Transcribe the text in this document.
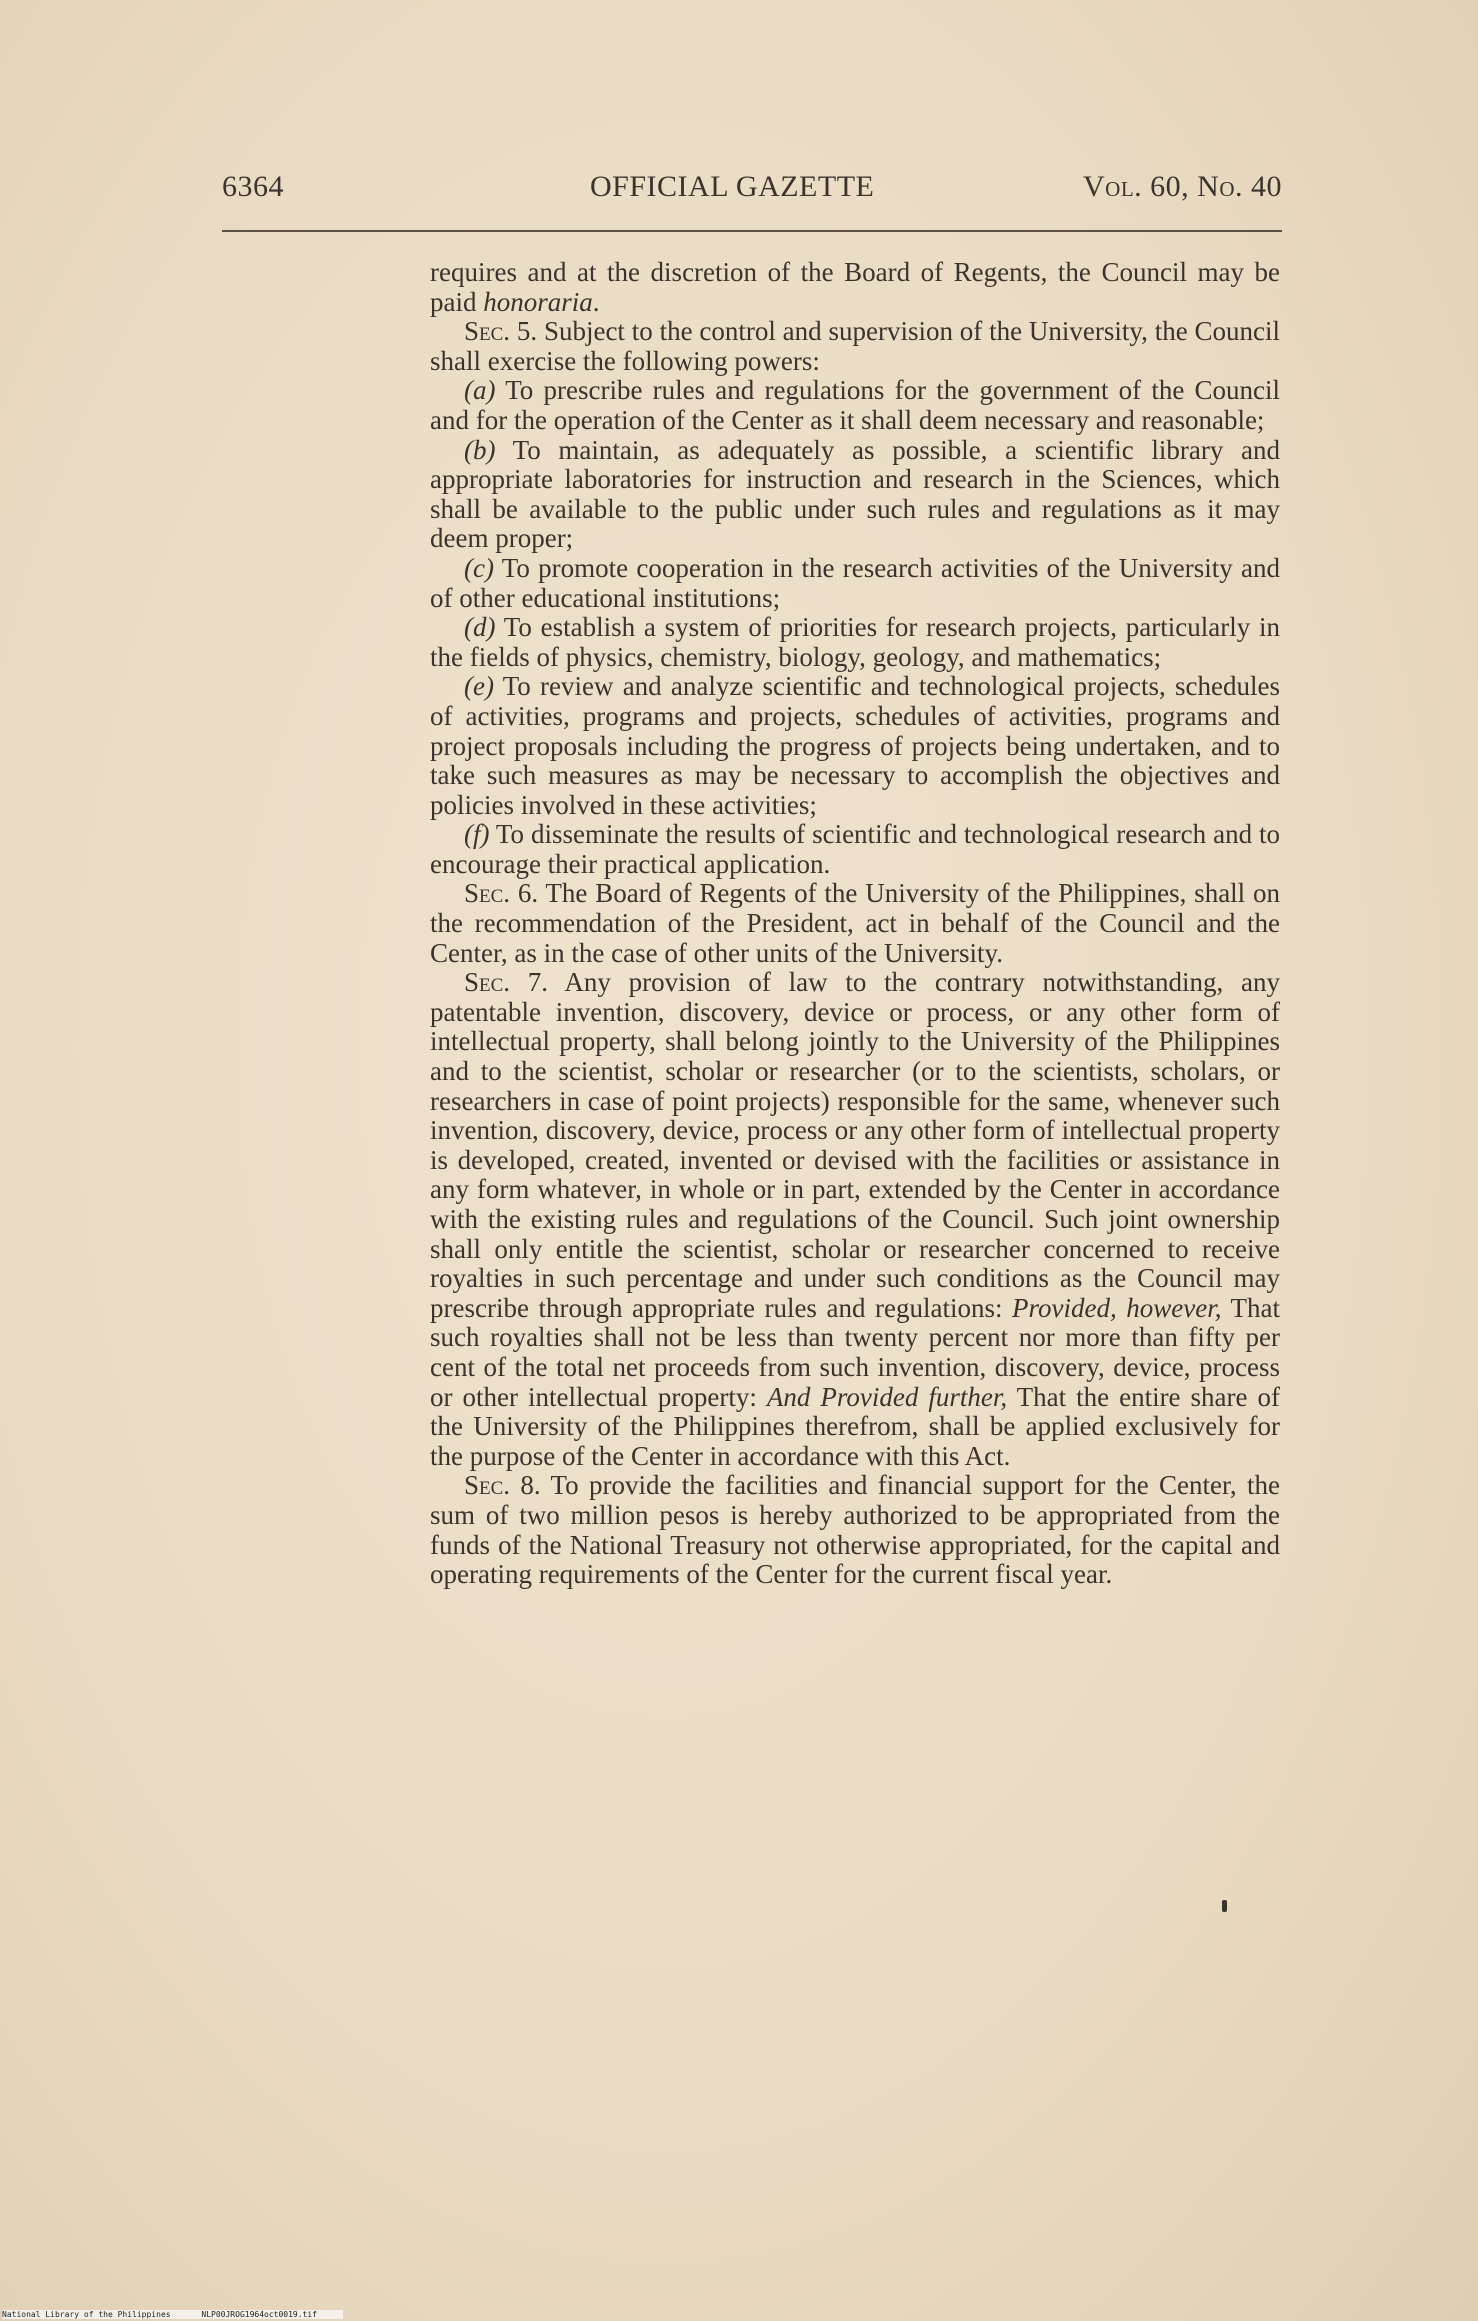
6364	OFFICIAL GAZETTE	Vol. 60, No. 40

requires and at the discretion of the Board of Regents, the Council may be paid honoraria.

Sec. 5. Subject to the control and supervision of the University, the Council shall exercise the following powers:

(a) To prescribe rules and regulations for the government of the Council and for the operation of the Center as it shall deem necessary and reasonable;

(b) To maintain, as adequately as possible, a scientific library and appropriate laboratories for instruction and research in the Sciences, which shall be available to the public under such rules and regulations as it may deem proper;

(c) To promote cooperation in the research activities of the University and of other educational institutions;

(d) To establish a system of priorities for research projects, particularly in the fields of physics, chemistry, biology, geology, and mathematics;

(e) To review and analyze scientific and technological projects, schedules of activities, programs and projects, schedules of activities, programs and project proposals including the progress of projects being undertaken, and to take such measures as may be necessary to accomplish the objectives and policies involved in these activities;

(f) To disseminate the results of scientific and technological research and to encourage their practical application.

Sec. 6. The Board of Regents of the University of the Philippines, shall on the recommendation of the President, act in behalf of the Council and the Center, as in the case of other units of the University.

Sec. 7. Any provision of law to the contrary notwithstanding, any patentable invention, discovery, device or process, or any other form of intellectual property, shall belong jointly to the University of the Philippines and to the scientist, scholar or researcher (or to the scientists, scholars, or researchers in case of point projects) responsible for the same, whenever such invention, discovery, device, process or any other form of intellectual property is developed, created, invented or devised with the facilities or assistance in any form whatever, in whole or in part, extended by the Center in accordance with the existing rules and regulations of the Council. Such joint ownership shall only entitle the scientist, scholar or researcher concerned to receive royalties in such percentage and under such conditions as the Council may prescribe through appropriate rules and regulations: Provided, however, That such royalties shall not be less than twenty percent nor more than fifty per cent of the total net proceeds from such invention, discovery, device, process or other intellectual property: And Provided further, That the entire share of the University of the Philippines therefrom, shall be applied exclusively for the purpose of the Center in accordance with this Act.

Sec. 8. To provide the facilities and financial support for the Center, the sum of two million pesos is hereby authorized to be appropriated from the funds of the National Treasury not otherwise appropriated, for the capital and operating requirements of the Center for the current fiscal year.

National Library of the Philippines	NLP00JROG1964oct0019.tif
